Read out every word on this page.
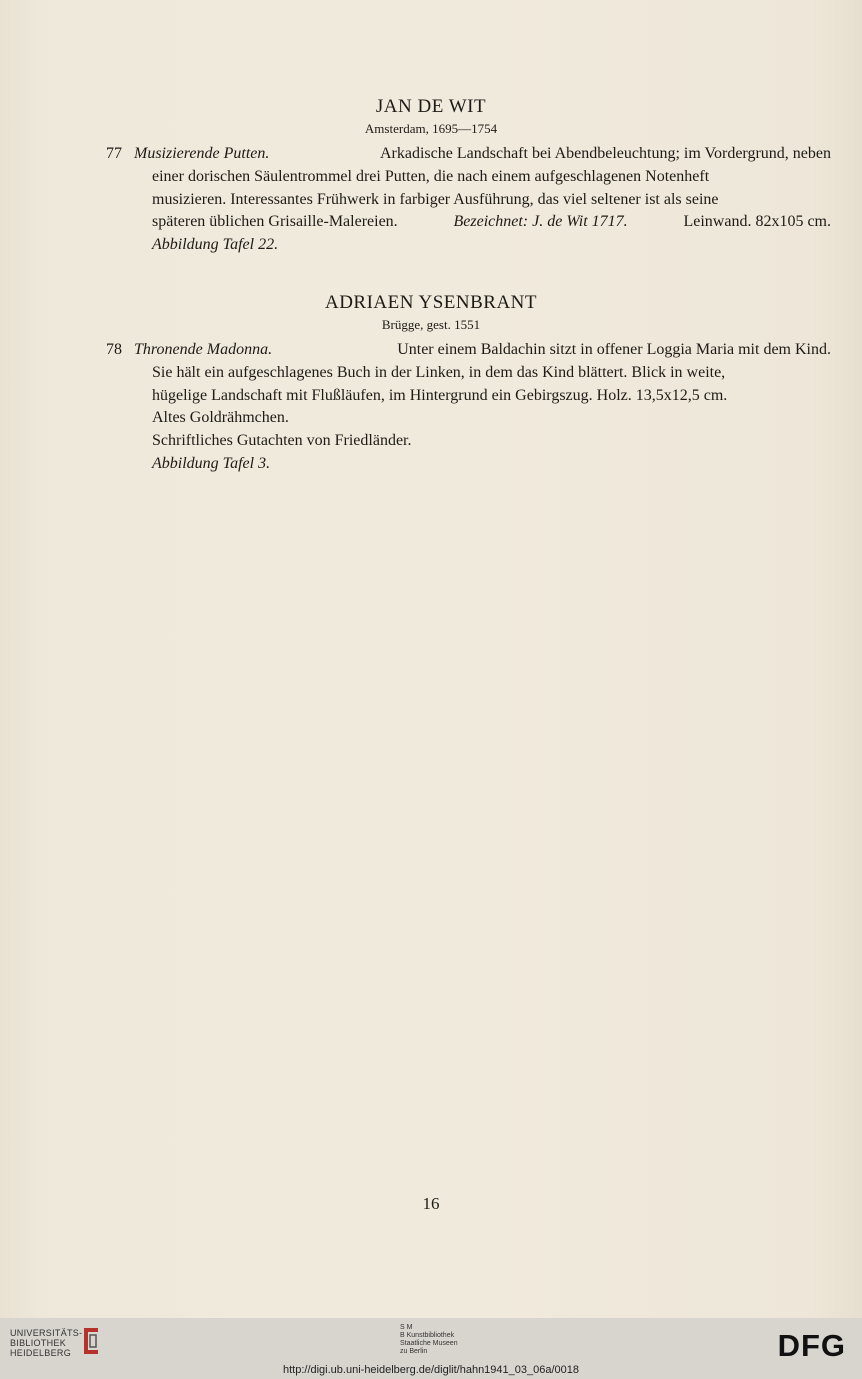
JAN DE WIT
Amsterdam, 1695—1754
77 Musizierende Putten.	Arkadische Landschaft bei Abendbeleuchtung; im Vordergrund, neben
einer dorischen Säulentrommel drei Putten, die nach einem aufgeschlagenen Notenheft
musizieren. Interessantes Frühwerk in farbiger Ausführung, das viel seltener ist als seine
späteren üblichen Grisaille-Malereien.	Bezeichnet: J. de Wit 1717.	Leinwand. 82x105 cm.
Abbildung Tafel 22.
ADRIAEN YSENBRANT
Brügge, gest. 1551
78 Thronende Madonna.	Unter einem Baldachin sitzt in offener Loggia Maria mit dem Kind.
Sie hält ein aufgeschlagenes Buch in der Linken, in dem das Kind blättert. Blick in weite,
hügelige Landschaft mit Flußläufen, im Hintergrund ein Gebirgszug. Holz. 13,5x12,5 cm.
Altes Goldrähmchen.
Schriftliches Gutachten von Friedländer.
Abbildung Tafel 3.
16
UNIVERSITÄTS-
BIBLIOTHEK
HEIDELBERG
S M
B Kunstbibliothek
Staatliche Museen
zu Berlin	DFG
http://digi.ub.uni-heidelberg.de/diglit/hahn1941_03_06a/0018
